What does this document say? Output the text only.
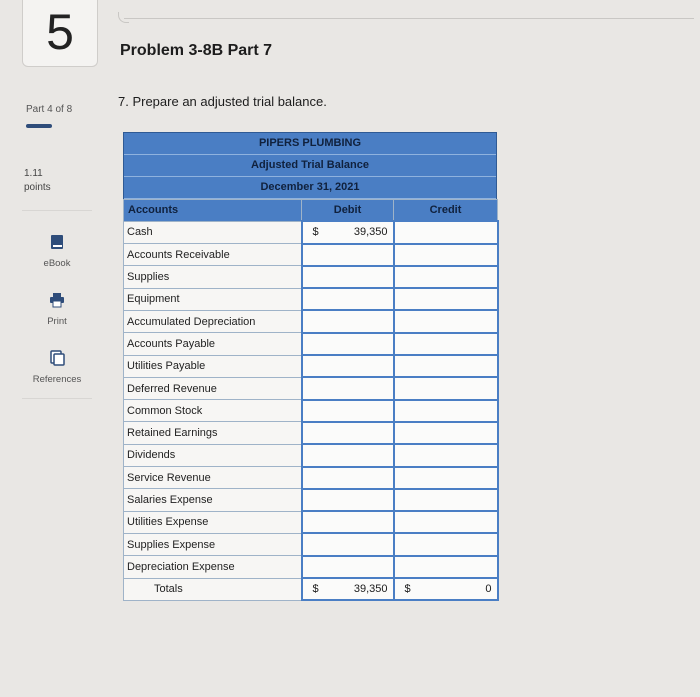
5
Part 4 of 8
1.11
points
eBook
Print
References
Problem 3-8B Part 7
7. Prepare an adjusted trial balance.
PIPERS PLUMBING
Adjusted Trial Balance
December 31, 2021
Accounts	Debit	Credit
Cash	$ 39,350	

Accounts Receivable	

Supplies	

Equipment	

Accumulated Depreciation	

Accounts Payable	

Utilities Payable	

Deferred Revenue	

Common Stock	

Retained Earnings	

Dividends	

Service Revenue	

Salaries Expense	

Utilities Expense	

Supplies Expense	

Depreciation Expense	

Totals	$ 39,350	$ 0
